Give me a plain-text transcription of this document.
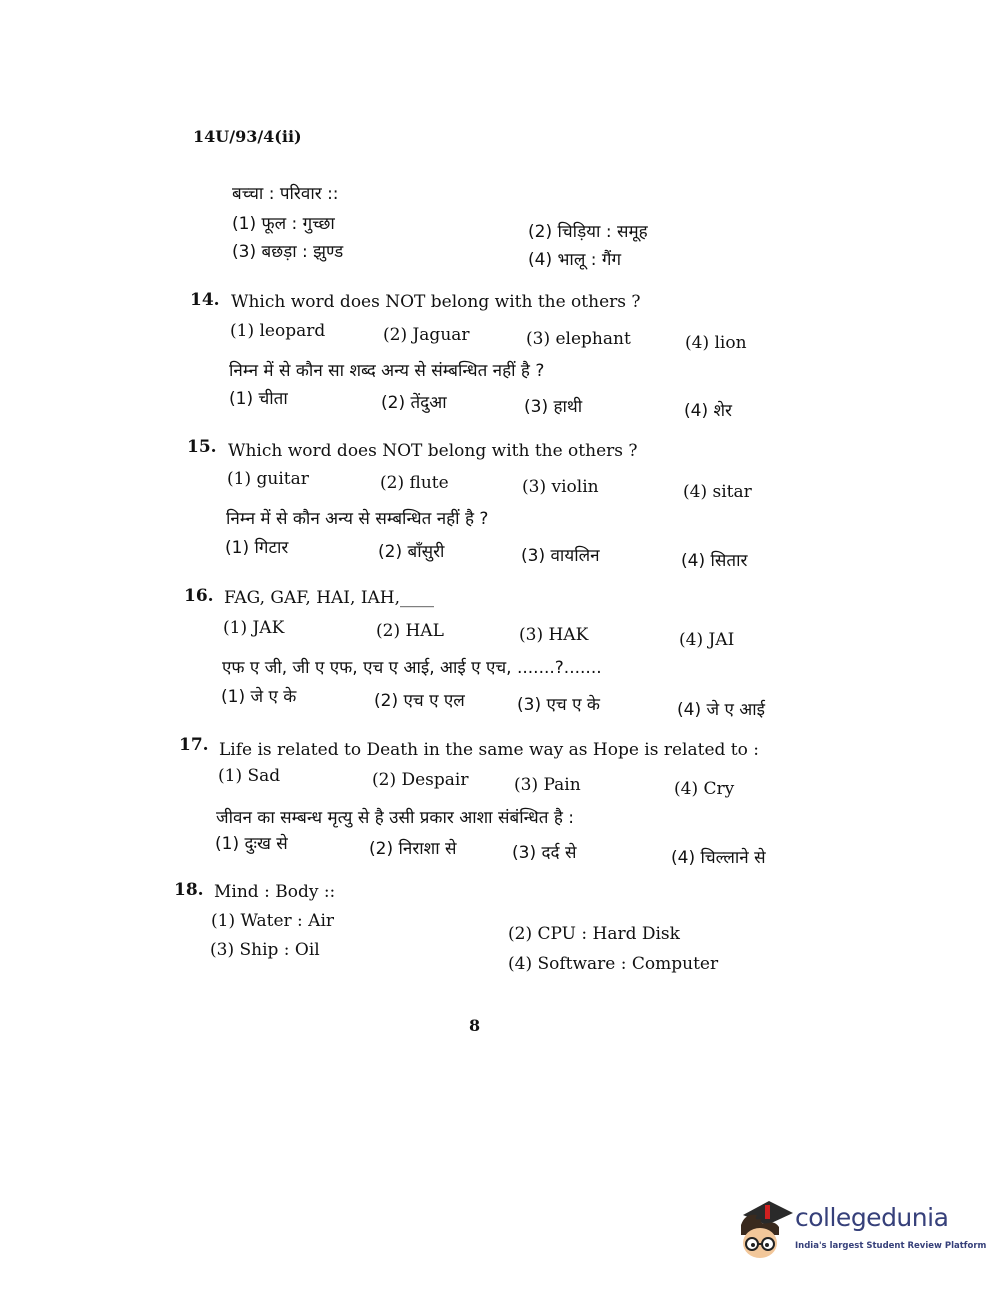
14U/93/4(ii)
बच्चा : परिवार ::
(1) फूल : गुच्छा	(2) चिड़िया : समूह
(3) बछड़ा : झुण्ड	(4) भालू : गैंग
14. Which word does NOT belong with the others ?
(1) leopard	(2) Jaguar	(3) elephant	(4) lion
निम्न में से कौन सा शब्द अन्य से संम्बन्धित नहीं है ?
(1) चीता	(2) तेंदुआ	(3) हाथी	(4) शेर
15. Which word does NOT belong with the others ?
(1) guitar	(2) flute	(3) violin	(4) sitar
निम्न में से कौन अन्य से सम्बन्धित नहीं है ?
(1) गिटार	(2) बाँसुरी	(3) वायलिन	(4) सितार
16. FAG, GAF, HAI, IAH,____
(1) JAK	(2) HAL	(3) HAK	(4) JAI
एफ ए जी, जी ए एफ, एच ए आई, आई ए एच, .......?.......
(1) जे ए के	(2) एच ए एल	(3) एच ए के	(4) जे ए आई
17. Life is related to Death in the same way as Hope is related to :
(1) Sad	(2) Despair	(3) Pain	(4) Cry
जीवन का सम्बन्ध मृत्यु से है उसी प्रकार आशा संबंन्धित है :
(1) दुःख से	(2) निराशा से	(3) दर्द से	(4) चिल्लाने से
18. Mind : Body ::
(1) Water : Air
(2) CPU : Hard Disk
(3) Ship : Oil
(4) Software : Computer
8
collegedunia
India's largest Student Review Platform
